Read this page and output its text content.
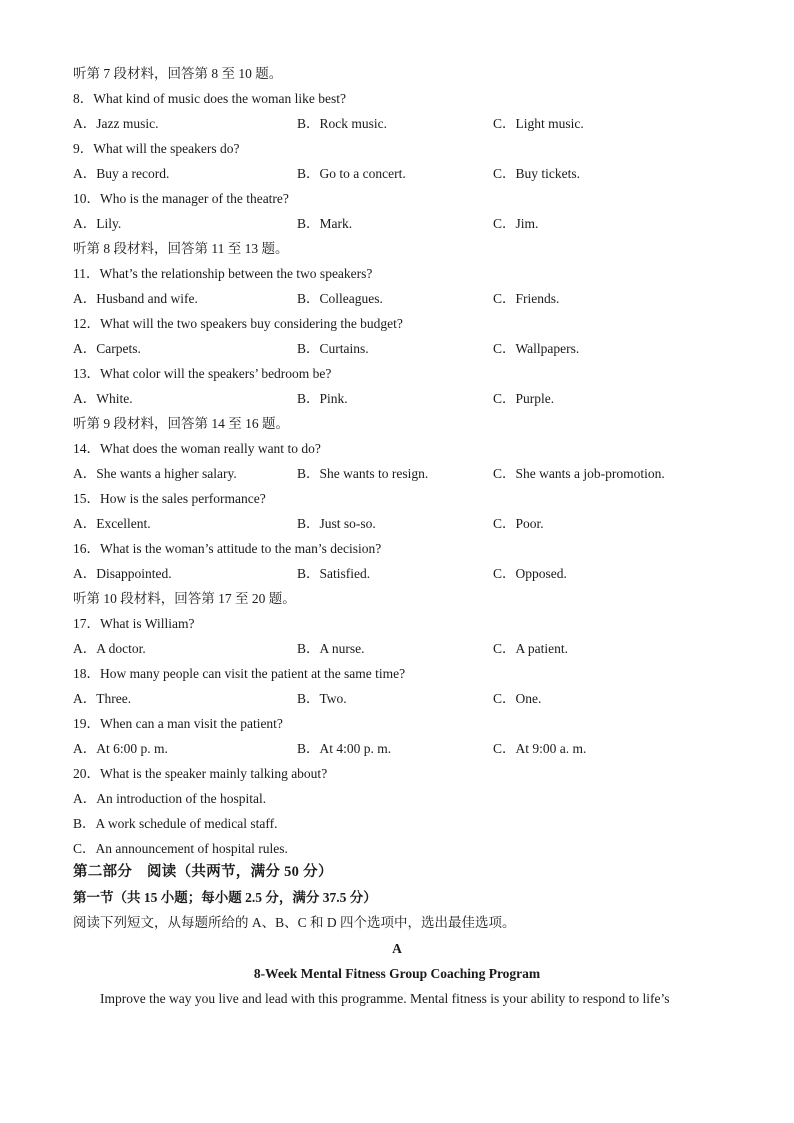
听第 7 段材料，回答第 8 至 10 题。
8．What kind of music does the woman like best?
A．Jazz music.	B．Rock music.	C．Light music.
9．What will the speakers do?
A．Buy a record.	B．Go to a concert.	C．Buy tickets.
10．Who is the manager of the theatre?
A．Lily.	B．Mark.	C．Jim.
听第 8 段材料，回答第 11 至 13 题。
11．What’s the relationship between the two speakers?
A．Husband and wife.	B．Colleagues.	C．Friends.
12．What will the two speakers buy considering the budget?
A．Carpets.	B．Curtains.	C．Wallpapers.
13．What color will the speakers’ bedroom be?
A．White.	B．Pink.	C．Purple.
听第 9 段材料，回答第 14 至 16 题。
14．What does the woman really want to do?
A．She wants a higher salary.	B．She wants to resign.	C．She wants a job-promotion.
15．How is the sales performance?
A．Excellent.	B．Just so-so.	C．Poor.
16．What is the woman’s attitude to the man’s decision?
A．Disappointed.	B．Satisfied.	C．Opposed.
听第 10 段材料，回答第 17 至 20 题。
17．What is William?
A．A doctor.	B．A nurse.	C．A patient.
18．How many people can visit the patient at the same time?
A．Three.	B．Two.	C．One.
19．When can a man visit the patient?
A．At 6:00 p. m.	B．At 4:00 p. m.	C．At 9:00 a. m.
20．What is the speaker mainly talking about?
A．An introduction of the hospital.
B．A work schedule of medical staff.
C．An announcement of hospital rules.
第二部分　阅读（共两节，满分 50 分）
第一节（共 15 小题；每小题 2.5 分，满分 37.5 分）
阅读下列短文，从每题所给的 A、B、C 和 D 四个选项中，选出最佳选项。
A
8-Week Mental Fitness Group Coaching Program
Improve the way you live and lead with this programme. Mental fitness is your ability to respond to life’s
